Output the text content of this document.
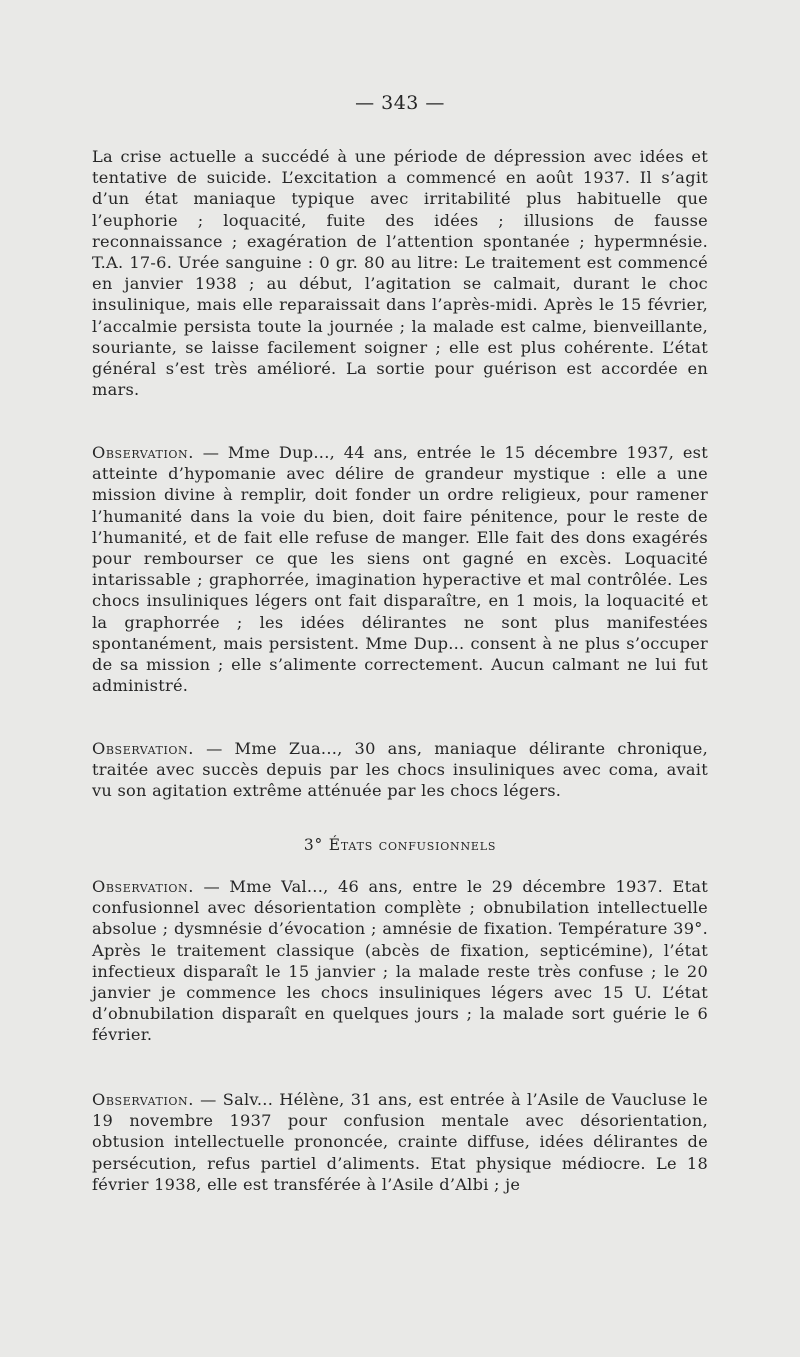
— 343 —

La crise actuelle a succédé à une période de dépression avec idées et tentative de suicide. L’excitation a commencé en août 1937. Il s’agit d’un état maniaque typique avec irritabilité plus habituelle que l’euphorie ; loquacité, fuite des idées ; illusions de fausse reconnaissance ; exagération de l’attention spontanée ; hypermnésie. T.A. 17-6. Urée sanguine : 0 gr. 80 au litre: Le traitement est commencé en janvier 1938 ; au début, l’agitation se calmait, durant le choc insulinique, mais elle reparaissait dans l’après-midi. Après le 15 février, l’accalmie persista toute la journée ; la malade est calme, bienveillante, souriante, se laisse facilement soigner ; elle est plus cohérente. L’état général s’est très amélioré. La sortie pour guérison est accordée en mars.

Observation. — Mme Dup..., 44 ans, entrée le 15 décembre 1937, est atteinte d’hypomanie avec délire de grandeur mystique : elle a une mission divine à remplir, doit fonder un ordre religieux, pour ramener l’humanité dans la voie du bien, doit faire pénitence, pour le reste de l’humanité, et de fait elle refuse de manger. Elle fait des dons exagérés pour rembourser ce que les siens ont gagné en excès. Loquacité intarissable ; graphorrée, imagination hyperactive et mal contrôlée. Les chocs insuliniques légers ont fait disparaître, en 1 mois, la loquacité et la graphorrée ; les idées délirantes ne sont plus manifestées spontanément, mais persistent. Mme Dup... consent à ne plus s’occuper de sa mission ; elle s’alimente correctement. Aucun calmant ne lui fut administré.

Observation. — Mme Zua..., 30 ans, maniaque délirante chronique, traitée avec succès depuis par les chocs insuliniques avec coma, avait vu son agitation extrême atténuée par les chocs légers.

3° États confusionnels

Observation. — Mme Val..., 46 ans, entre le 29 décembre 1937. Etat confusionnel avec désorientation complète ; obnubilation intellectuelle absolue ; dysmnésie d’évocation ; amnésie de fixation. Température 39°. Après le traitement classique (abcès de fixation, septicémine), l’état infectieux disparaît le 15 janvier ; la malade reste très confuse ; le 20 janvier je commence les chocs insuliniques légers avec 15 U. L’état d’obnubilation disparaît en quelques jours ; la malade sort guérie le 6 février.

Observation. — Salv... Hélène, 31 ans, est entrée à l’Asile de Vaucluse le 19 novembre 1937 pour confusion mentale avec désorientation, obtusion intellectuelle prononcée, crainte diffuse, idées délirantes de persécution, refus partiel d’aliments. Etat physique médiocre. Le 18 février 1938, elle est transférée à l’Asile d’Albi ; je
